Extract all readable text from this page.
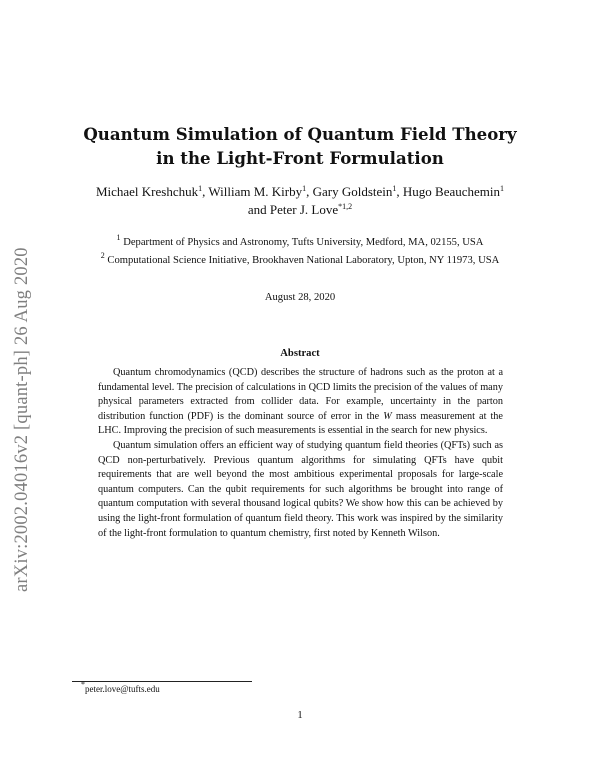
arXiv:2002.04016v2 [quant-ph] 26 Aug 2020
Quantum Simulation of Quantum Field Theory
in the Light-Front Formulation
Michael Kreshchuk$^1$, William M. Kirby$^1$, Gary Goldstein$^1$, Hugo Beauchemin$^1$
and Peter J. Love$^{*1,2}$
$^1$ Department of Physics and Astronomy, Tufts University, Medford, MA, 02155, USA
$^2$ Computational Science Initiative, Brookhaven National Laboratory, Upton, NY 11973, USA
August 28, 2020
Abstract

Quantum chromodynamics (QCD) describes the structure of hadrons such as the proton at a fundamental level. The precision of calculations in QCD limits the precision of the values of many physical parameters extracted from collider data. For example, uncertainty in the parton distribution function (PDF) is the dominant source of error in the W mass measurement at the LHC. Improving the precision of such measurements is essential in the search for new physics.

Quantum simulation offers an efficient way of studying quantum field theories (QFTs) such as QCD non-perturbatively. Previous quantum algorithms for simulating QFTs have qubit requirements that are well beyond the most ambitious experimental proposals for large-scale quantum computers. Can the qubit requirements for such algorithms be brought into range of quantum computation with several thousand logical qubits? We show how this can be achieved by using the light-front formulation of quantum field theory. This work was inspired by the similarity of the light-front formulation to quantum chemistry, first noted by Kenneth Wilson.

*peter.love@tufts.edu
1
